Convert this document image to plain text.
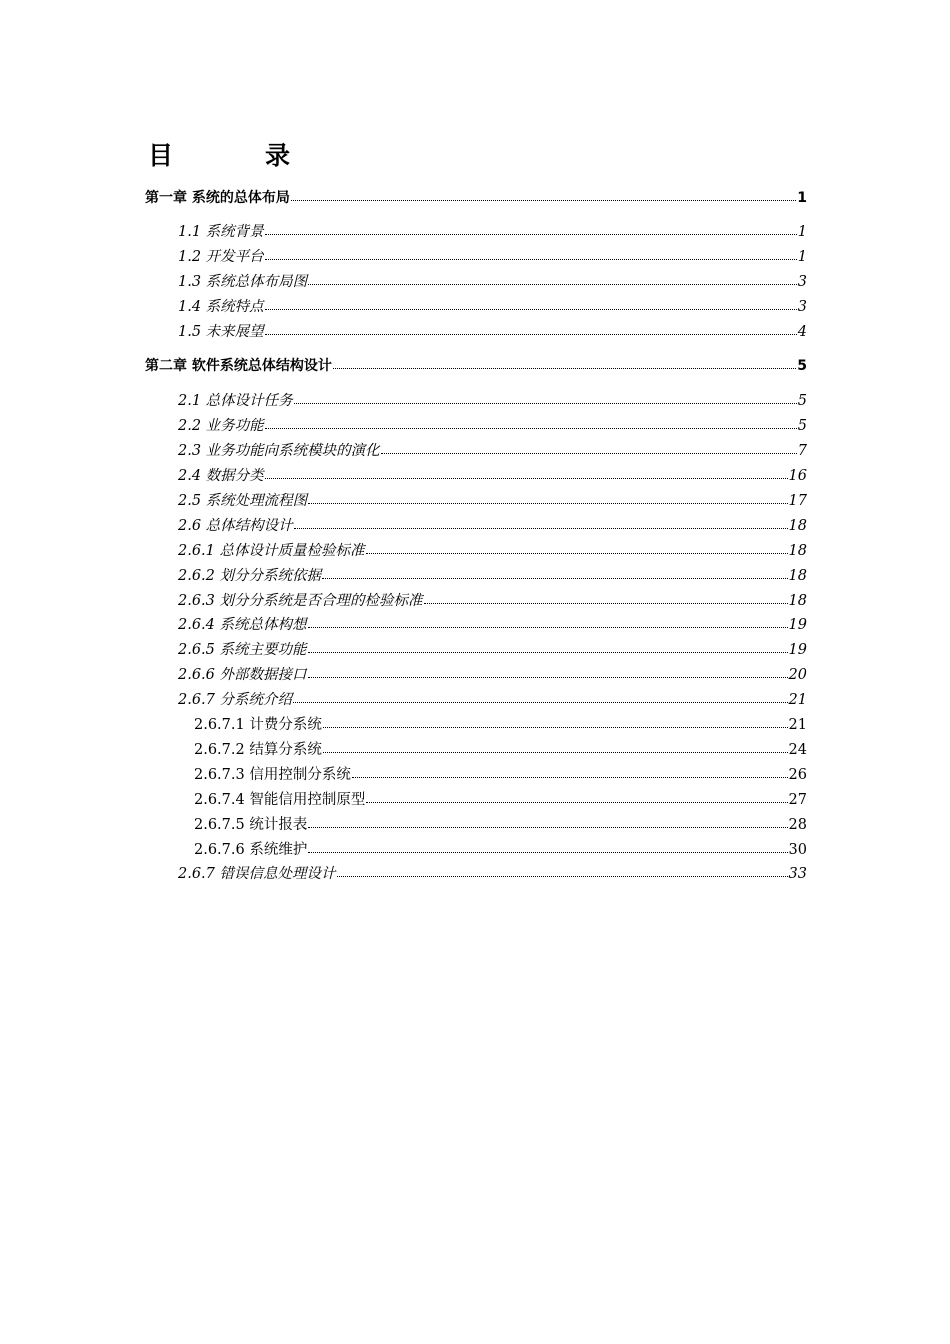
目	录
第一章 系统的总体布局	1
1.1 系统背景	1
1.2 开发平台	1
1.3 系统总体布局图	3
1.4 系统特点	3
1.5 未来展望	4
第二章 软件系统总体结构设计	5
2.1 总体设计任务	5
2.2 业务功能	5
2.3 业务功能向系统模块的演化	7
2.4 数据分类	16
2.5 系统处理流程图	17
2.6 总体结构设计	18
2.6.1 总体设计质量检验标准	18
2.6.2 划分分系统依据	18
2.6.3 划分分系统是否合理的检验标准	18
2.6.4 系统总体构想	19
2.6.5 系统主要功能	19
2.6.6 外部数据接口	20
2.6.7 分系统介绍	21
2.6.7.1 计费分系统	21
2.6.7.2 结算分系统	24
2.6.7.3 信用控制分系统	26
2.6.7.4 智能信用控制原型	27
2.6.7.5 统计报表	28
2.6.7.6 系统维护	30
2.6.7 错误信息处理设计	33
